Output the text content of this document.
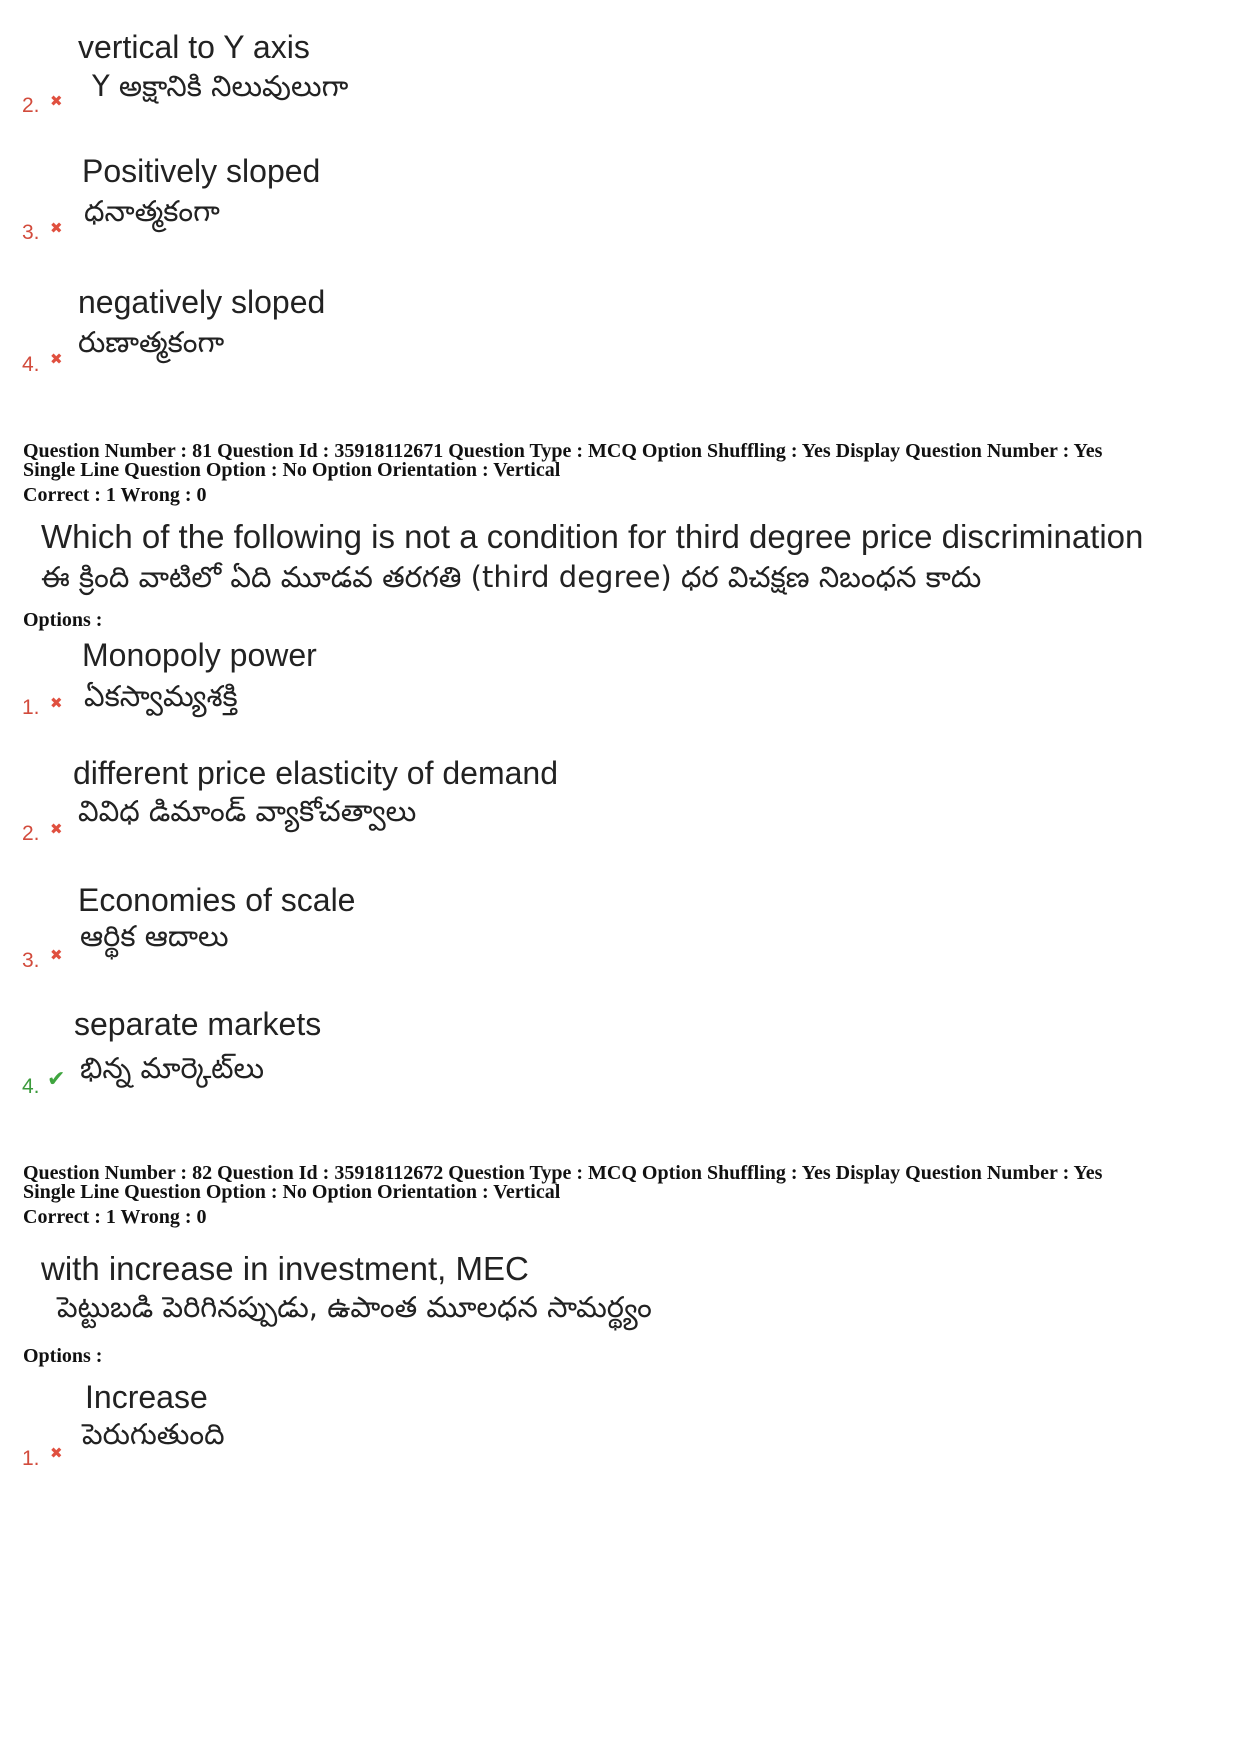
vertical to Y axis
Y అక్షానికి నిలువులుగా
2. ✖
Positively sloped
ధనాత్మకంగా
3. ✖
negatively sloped
రుణాత్మకంగా
4. ✖
Question Number : 81 Question Id : 35918112671 Question Type : MCQ Option Shuffling : Yes Display Question Number : Yes
Single Line Question Option : No Option Orientation : Vertical
Correct : 1 Wrong : 0
Which of the following is not a condition for third degree price discrimination
ఈ క్రింది వాటిలో ఏది మూడవ తరగతి (third degree) ధర విచక్షణ నిబంధన కాదు
Options :
Monopoly power
ఏకస్వామ్యశక్తి
1. ✖
different price elasticity of demand
వివిధ డిమాండ్ వ్యాకోచత్వాలు
2. ✖
Economies of scale
ఆర్థిక ఆదాలు
3. ✖
separate markets
భిన్న మార్కెట్‌లు
4. ✔
Question Number : 82 Question Id : 35918112672 Question Type : MCQ Option Shuffling : Yes Display Question Number : Yes
Single Line Question Option : No Option Orientation : Vertical
Correct : 1 Wrong : 0
with increase in investment, MEC
పెట్టుబడి పెరిగినప్పుడు, ఉపాంత మూలధన సామర్థ్యం
Options :
Increase
పెరుగుతుంది
1. ✖
